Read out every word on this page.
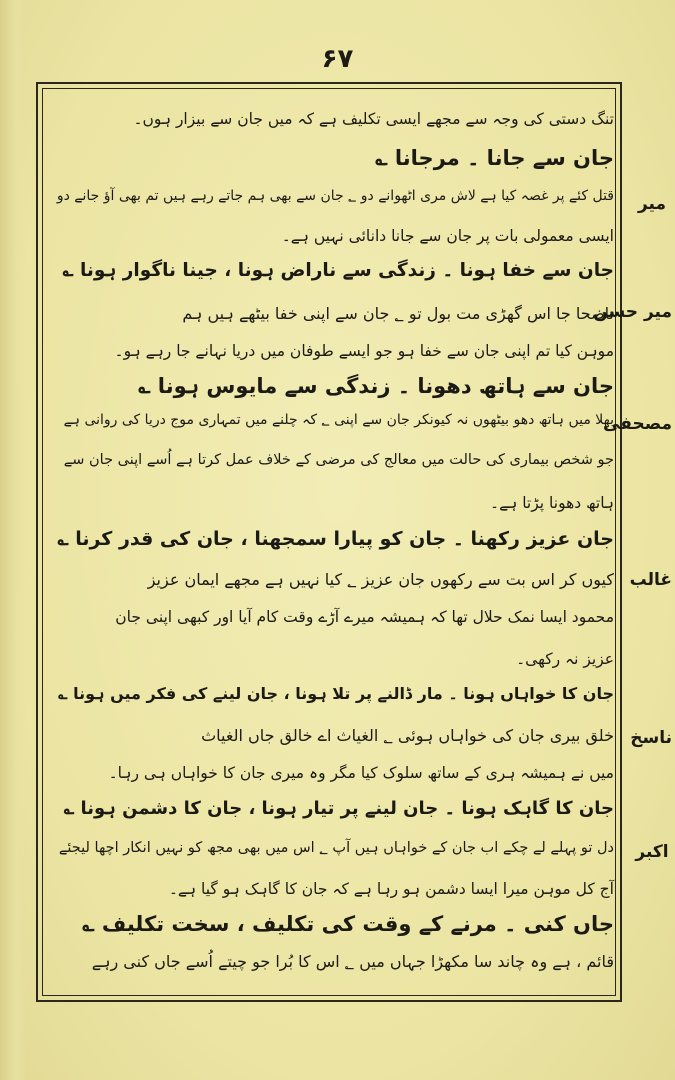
۶۷
تنگ دستی کی وجہ سے مجھے ایسی تکلیف ہے کہ میں جان سے بیزار ہوں۔
جان سے جانا ۔ مرجانا ؎
قتل کئے پر غصہ کیا ہے لاش مری اٹھوانے دو ؂ جان سے بھی ہم جاتے رہے ہیں تم بھی آؤ جانے دو
ایسی معمولی بات پر جان سے جانا دانائی نہیں ہے۔
جان سے خفا ہونا ۔ زندگی سے ناراض ہونا ، جینا ناگوار ہونا ؎
ناصحا جا اس گھڑی مت بول تو ؂ جان سے اپنی خفا بیٹھے ہیں ہم
موہن کیا تم اپنی جان سے خفا ہو جو ایسے طوفان میں دریا نہانے جا رہے ہو۔
جان سے ہاتھ دھونا ۔ زندگی سے مایوس ہونا ؎
بھلا میں ہاتھ دھو بیٹھوں نہ کیونکر جان سے اپنی ؂ کہ چلنے میں تمہاری موج دریا کی روانی ہے
جو شخص بیماری کی حالت میں معالج کی مرضی کے خلاف عمل کرتا ہے اُسے اپنی جان سے
ہاتھ دھونا پڑتا ہے۔
جان عزیز رکھنا ۔ جان کو پیارا سمجھنا ، جان کی قدر کرنا ؎
کیوں کر اس بت سے رکھوں جان عزیز ؂ کیا نہیں ہے مجھے ایمان عزیز
محمود ایسا نمک حلال تھا کہ ہمیشہ میرے آڑے وقت کام آیا اور کبھی اپنی جان
عزیز نہ رکھی۔
جان کا خواہاں ہونا ۔ مار ڈالنے پر تلا ہونا ، جان لینے کی فکر میں ہونا ؎
خلق بیری جان کی خواہاں ہوئی ؂ الغیاث اے خالق جاں الغیاث
میں نے ہمیشہ ہری کے ساتھ سلوک کیا مگر وہ میری جان کا خواہاں ہی رہا۔
جان کا گاہک ہونا ۔ جان لینے پر تیار ہونا ، جان کا دشمن ہونا ؎
دل تو پہلے لے چکے اب جان کے خواہاں ہیں آپ ؂ اس میں بھی مجھ کو نہیں انکار اچھا لیجئے
آج کل موہن میرا ایسا دشمن ہو رہا ہے کہ جان کا گاہک ہو گیا ہے۔
جاں کنی ۔ مرنے کے وقت کی تکلیف ، سخت تکلیف ؎
قائم ، ہے وہ چاند سا مکھڑا جہاں میں ؂ اس کا بُرا جو چیتے اُسے جاں کنی رہے
میر
میر حسن
مصحفی
غالب
ناسخ
اکبر
